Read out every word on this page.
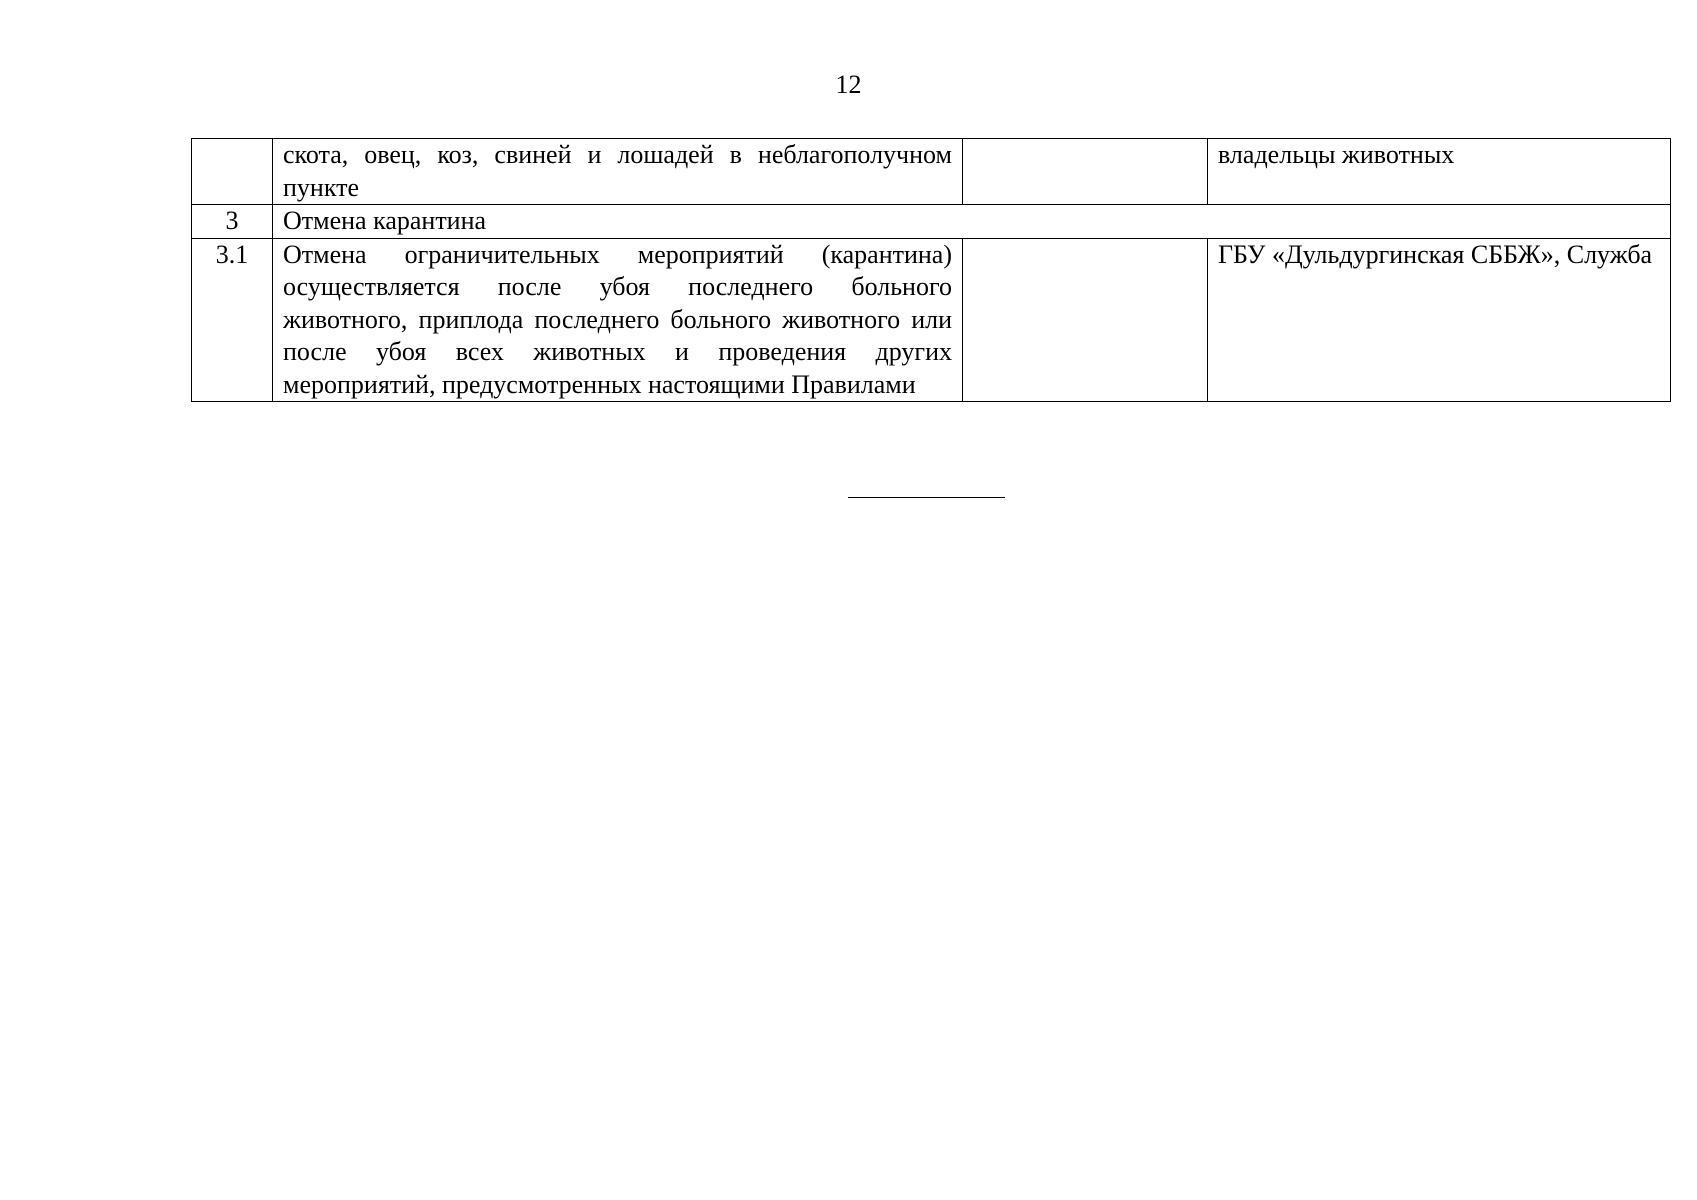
12
	скота, овец, коз, свиней и лошадей в неблагополучном пункте		владельцы животных
3	Отмена карантина		
3.1	Отмена ограничительных мероприятий (карантина) осуществляется после убоя последнего больного животного, приплода последнего больного животного или после убоя всех животных и проведения других мероприятий, предусмотренных настоящими Правилами		ГБУ «Дульдургинская СББЖ», Служба
